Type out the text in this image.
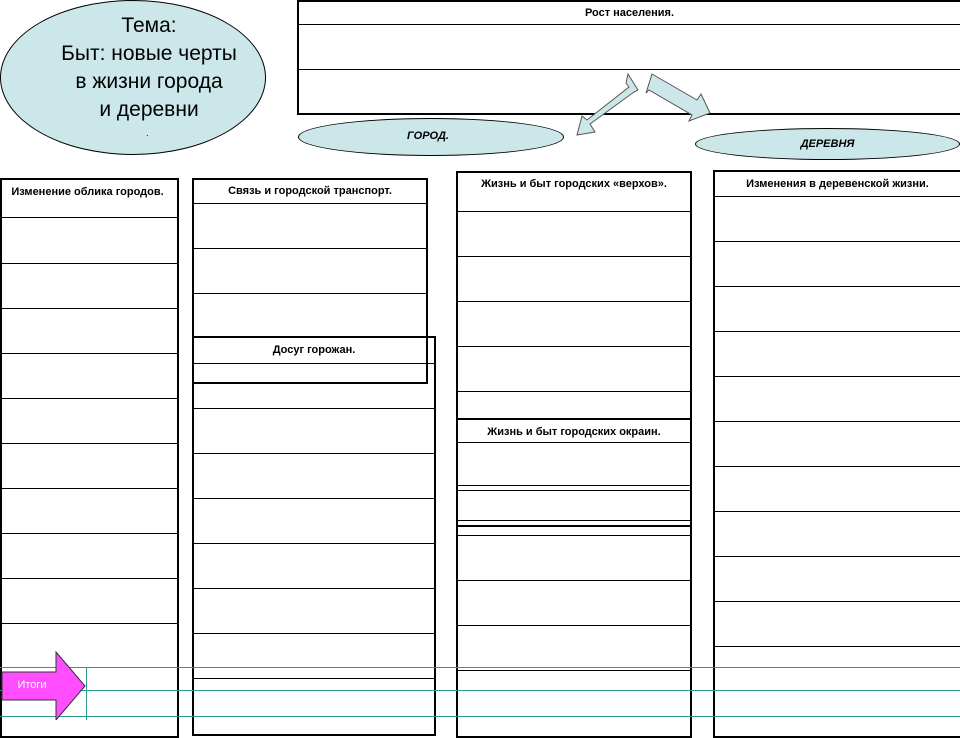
Тема:
Быт: новые черты
в жизни города
и деревни
.
Рост населения.
ГОРОД.
ДЕРЕВНЯ
Изменение облика городов.
Досуг горожан.
Связь и городской транспорт.
Жизнь и быт городских «верхов».
Жизнь и быт городских окраин.
Изменения в деревенской жизни.
Итоги
